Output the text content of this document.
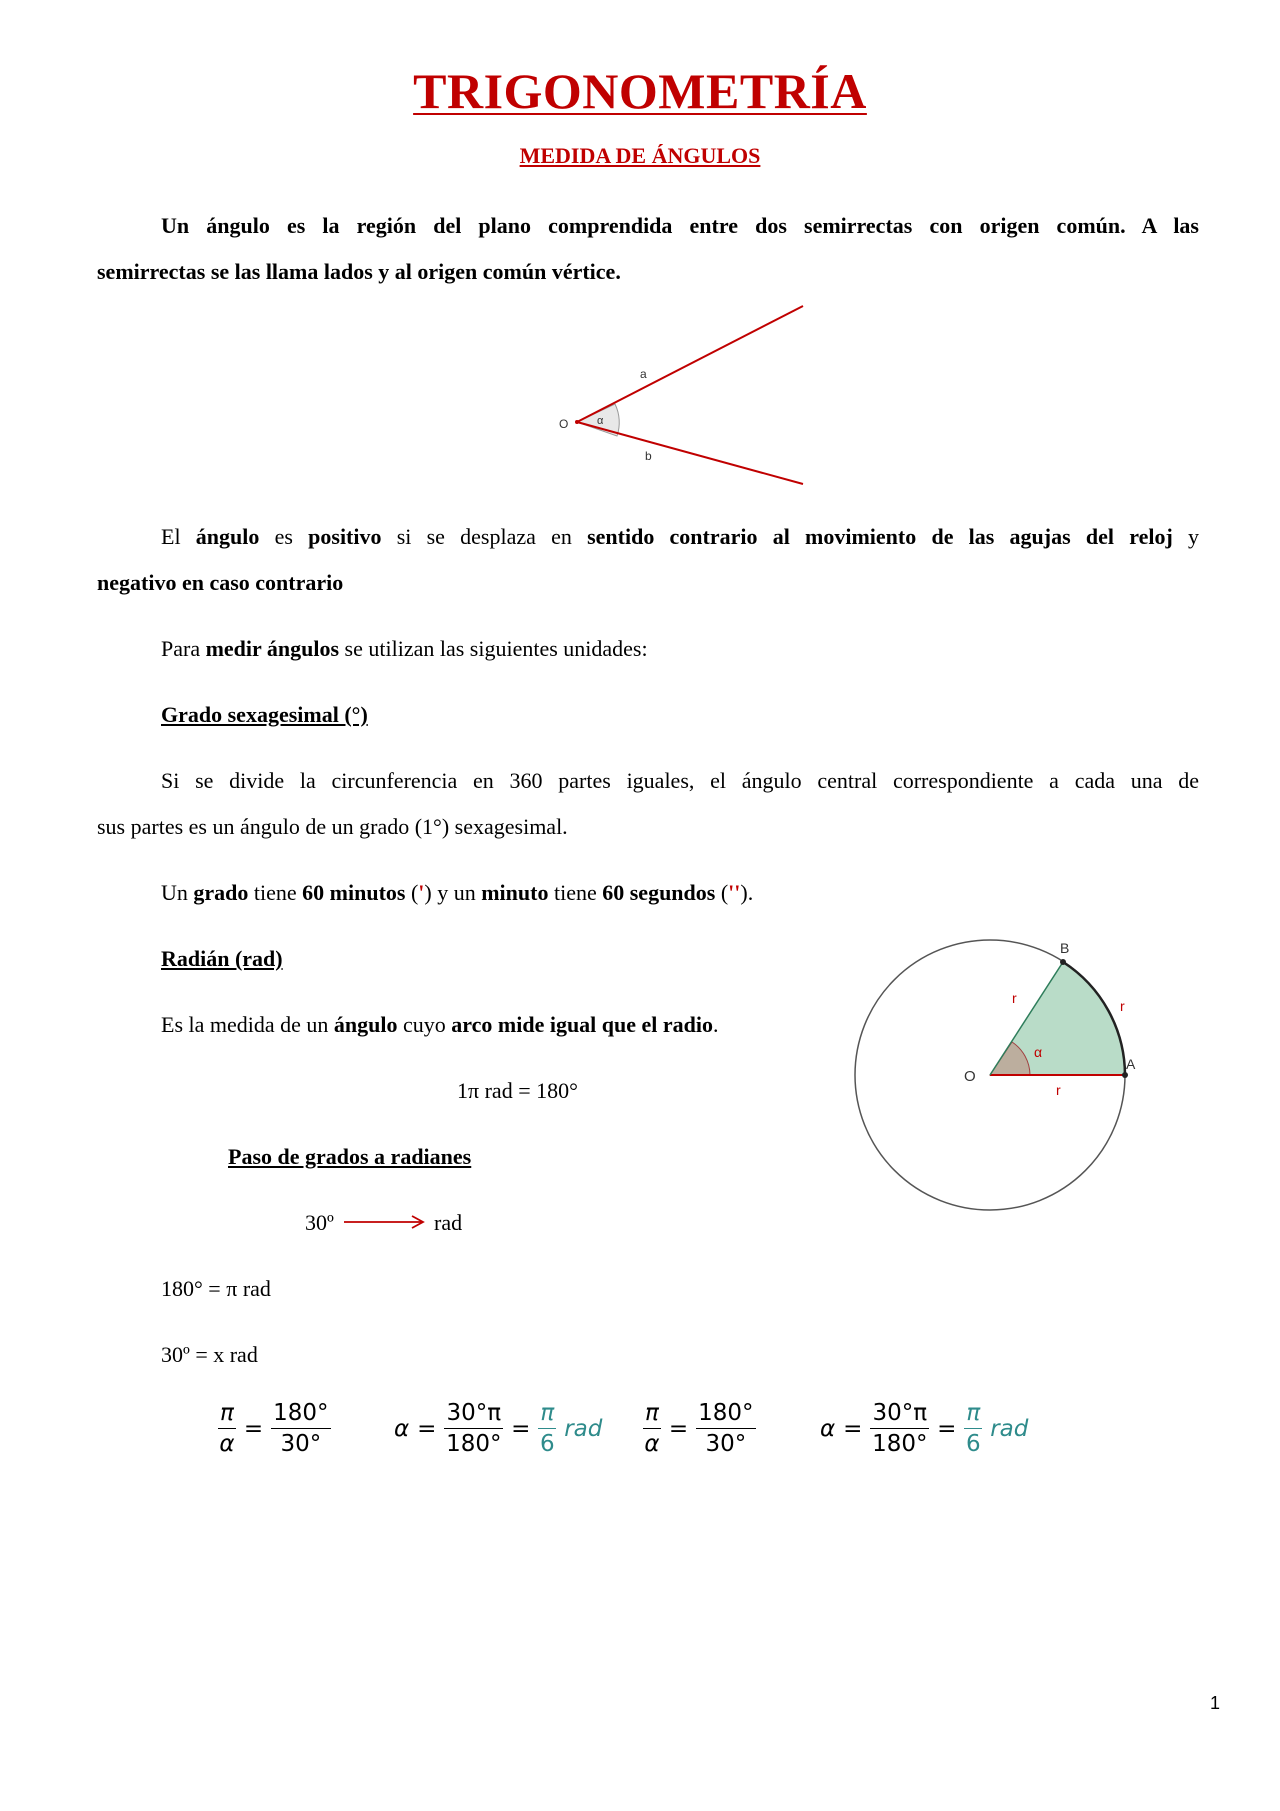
TRIGONOMETRÍA
MEDIDA DE ÁNGULOS
Un ángulo es la región del plano comprendida entre dos semirrectas con origen común. A las
semirrectas se las llama lados y al origen común vértice.
O
a
b
α
El ángulo es positivo si se desplaza en sentido contrario al movimiento de las agujas del reloj y
negativo en caso contrario
Para medir ángulos se utilizan las siguientes unidades:
Grado sexagesimal (°)
Si se divide la circunferencia en 360 partes iguales, el ángulo central correspondiente a cada una de
sus partes es un ángulo de un grado (1°) sexagesimal.
Un grado tiene 60 minutos (') y un minuto tiene 60 segundos ('').
Radián (rad)
Es la medida de un ángulo cuyo arco mide igual que el radio.
1π rad = 180°
O
B
A
r	r
r
α
Paso de grados a radianes
30º	rad
180° = π rad
30º = x rad
$\frac{\pi}{\alpha} = \frac{180^\circ}{30^\circ}$	$\alpha = \frac{30^\circ\pi}{180^\circ} = \frac{\pi}{6}$ rad $\frac{\pi}{\alpha} = \frac{180^\circ}{30^\circ}$	$\alpha = \frac{30^\circ\pi}{180^\circ} = \frac{\pi}{6}$ rad
1
